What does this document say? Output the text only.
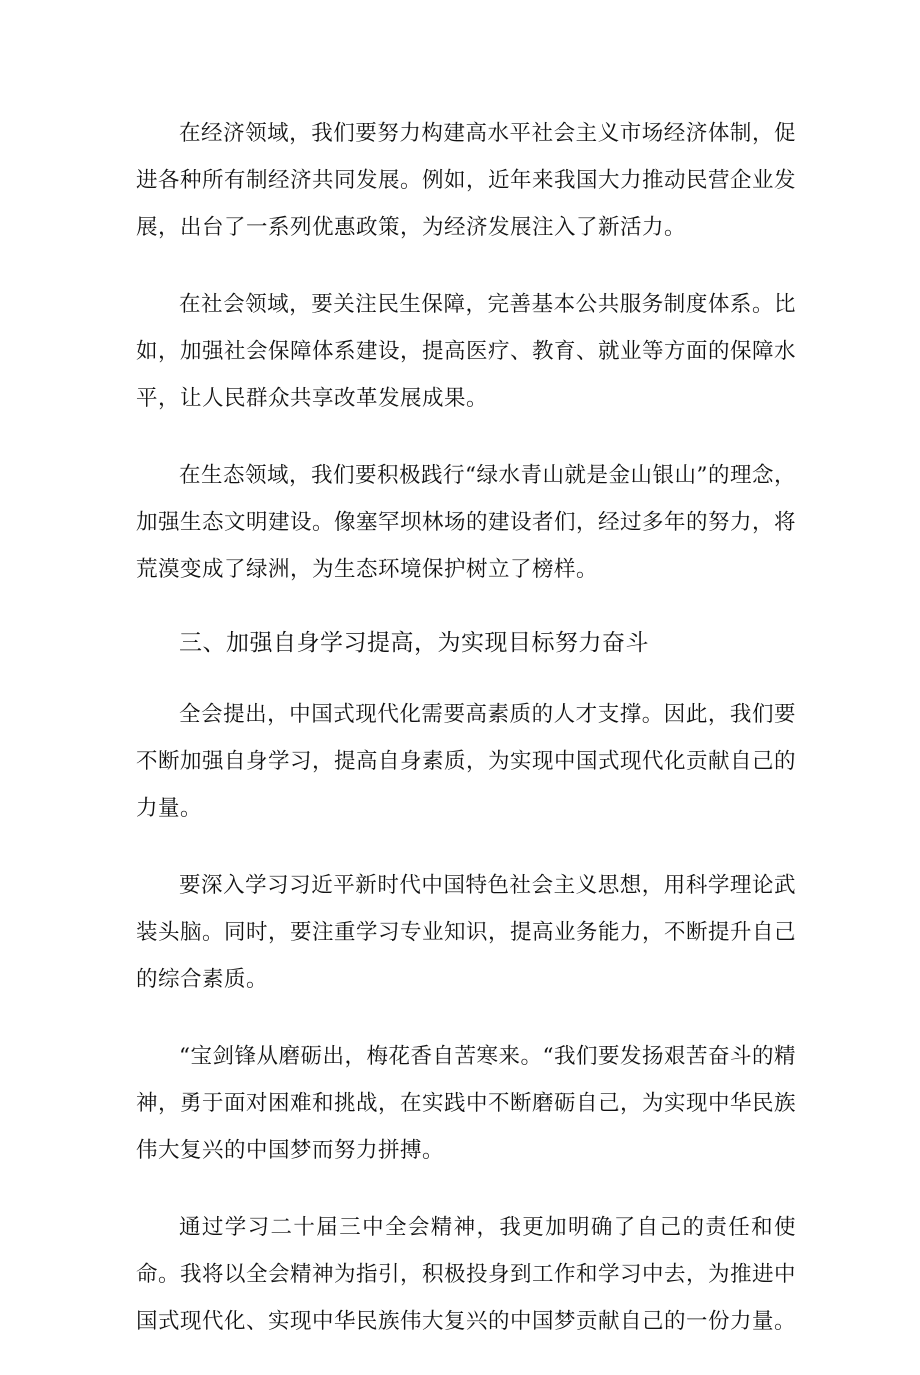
在经济领域，我们要努力构建高水平社会主义市场经济体制，促进各种所有制经济共同发展。例如，近年来我国大力推动民营企业发展，出台了一系列优惠政策，为经济发展注入了新活力。

在社会领域，要关注民生保障，完善基本公共服务制度体系。比如，加强社会保障体系建设，提高医疗、教育、就业等方面的保障水平，让人民群众共享改革发展成果。

在生态领域，我们要积极践行“绿水青山就是金山银山”的理念，加强生态文明建设。像塞罕坝林场的建设者们，经过多年的努力，将荒漠变成了绿洲，为生态环境保护树立了榜样。

三、加强自身学习提高，为实现目标努力奋斗

全会提出，中国式现代化需要高素质的人才支撑。因此，我们要不断加强自身学习，提高自身素质，为实现中国式现代化贡献自己的力量。

要深入学习习近平新时代中国特色社会主义思想，用科学理论武装头脑。同时，要注重学习专业知识，提高业务能力，不断提升自己的综合素质。

“宝剑锋从磨砺出，梅花香自苦寒来。“我们要发扬艰苦奋斗的精神，勇于面对困难和挑战，在实践中不断磨砺自己，为实现中华民族伟大复兴的中国梦而努力拼搏。

通过学习二十届三中全会精神，我更加明确了自己的责任和使命。我将以全会精神为指引，积极投身到工作和学习中去，为推进中国式现代化、实现中华民族伟大复兴的中国梦贡献自己的一份力量。
